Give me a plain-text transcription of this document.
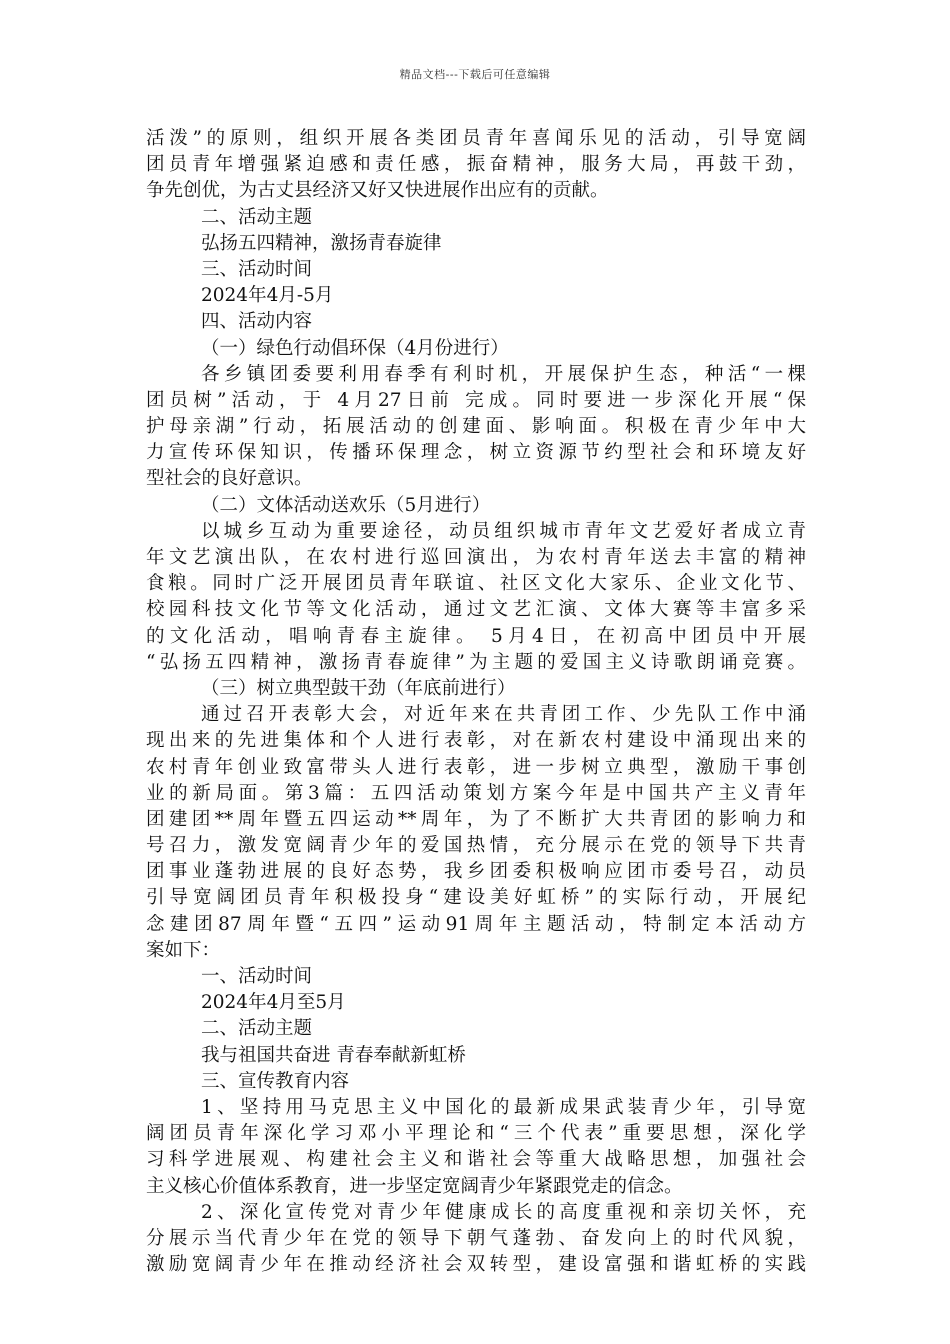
精品文档---下载后可任意编辑
活泼”的原则，组织开展各类团员青年喜闻乐见的活动，引导宽阔
团员青年增强紧迫感和责任感，振奋精神，服务大局，再鼓干劲，
争先创优，为古丈县经济又好又快进展作出应有的贡献。
二、活动主题
弘扬五四精神，激扬青春旋律
三、活动时间
2024年4月-5月
四、活动内容
（一）绿色行动倡环保（4月份进行）
各乡镇团委要利用春季有利时机，开展保护生态，种活“一棵
团员树”活动，于 4月27日前 完成。同时要进一步深化开展“保
护母亲湖”行动，拓展活动的创建面、影响面。积极在青少年中大
力宣传环保知识，传播环保理念，树立资源节约型社会和环境友好
型社会的良好意识。
（二）文体活动送欢乐（5月进行）
以城乡互动为重要途径，动员组织城市青年文艺爱好者成立青
年文艺演出队，在农村进行巡回演出，为农村青年送去丰富的精神
食粮。同时广泛开展团员青年联谊、社区文化大家乐、企业文化节、
校园科技文化节等文化活动，通过文艺汇演、文体大赛等丰富多采
的文化活动，唱响青春主旋律。 5月4日，在初高中团员中开展
“弘扬五四精神，激扬青春旋律”为主题的爱国主义诗歌朗诵竞赛。
（三）树立典型鼓干劲（年底前进行）
通过召开表彰大会，对近年来在共青团工作、少先队工作中涌
现出来的先进集体和个人进行表彰，对在新农村建设中涌现出来的
农村青年创业致富带头人进行表彰，进一步树立典型，激励干事创
业的新局面。第3篇：五四活动策划方案今年是中国共产主义青年
团建团**周年暨五四运动**周年，为了不断扩大共青团的影响力和
号召力，激发宽阔青少年的爱国热情，充分展示在党的领导下共青
团事业蓬勃进展的良好态势，我乡团委积极响应团市委号召，动员
引导宽阔团员青年积极投身“建设美好虹桥”的实际行动，开展纪
念建团87周年暨“五四”运动91周年主题活动，特制定本活动方
案如下：
一、活动时间
2024年4月至5月
二、活动主题
我与祖国共奋进 青春奉献新虹桥
三、宣传教育内容
1、坚持用马克思主义中国化的最新成果武装青少年，引导宽
阔团员青年深化学习邓小平理论和“三个代表”重要思想，深化学
习科学进展观、构建社会主义和谐社会等重大战略思想，加强社会
主义核心价值体系教育，进一步坚定宽阔青少年紧跟党走的信念。
2、深化宣传党对青少年健康成长的高度重视和亲切关怀，充
分展示当代青少年在党的领导下朝气蓬勃、奋发向上的时代风貌，
激励宽阔青少年在推动经济社会双转型，建设富强和谐虹桥的实践
